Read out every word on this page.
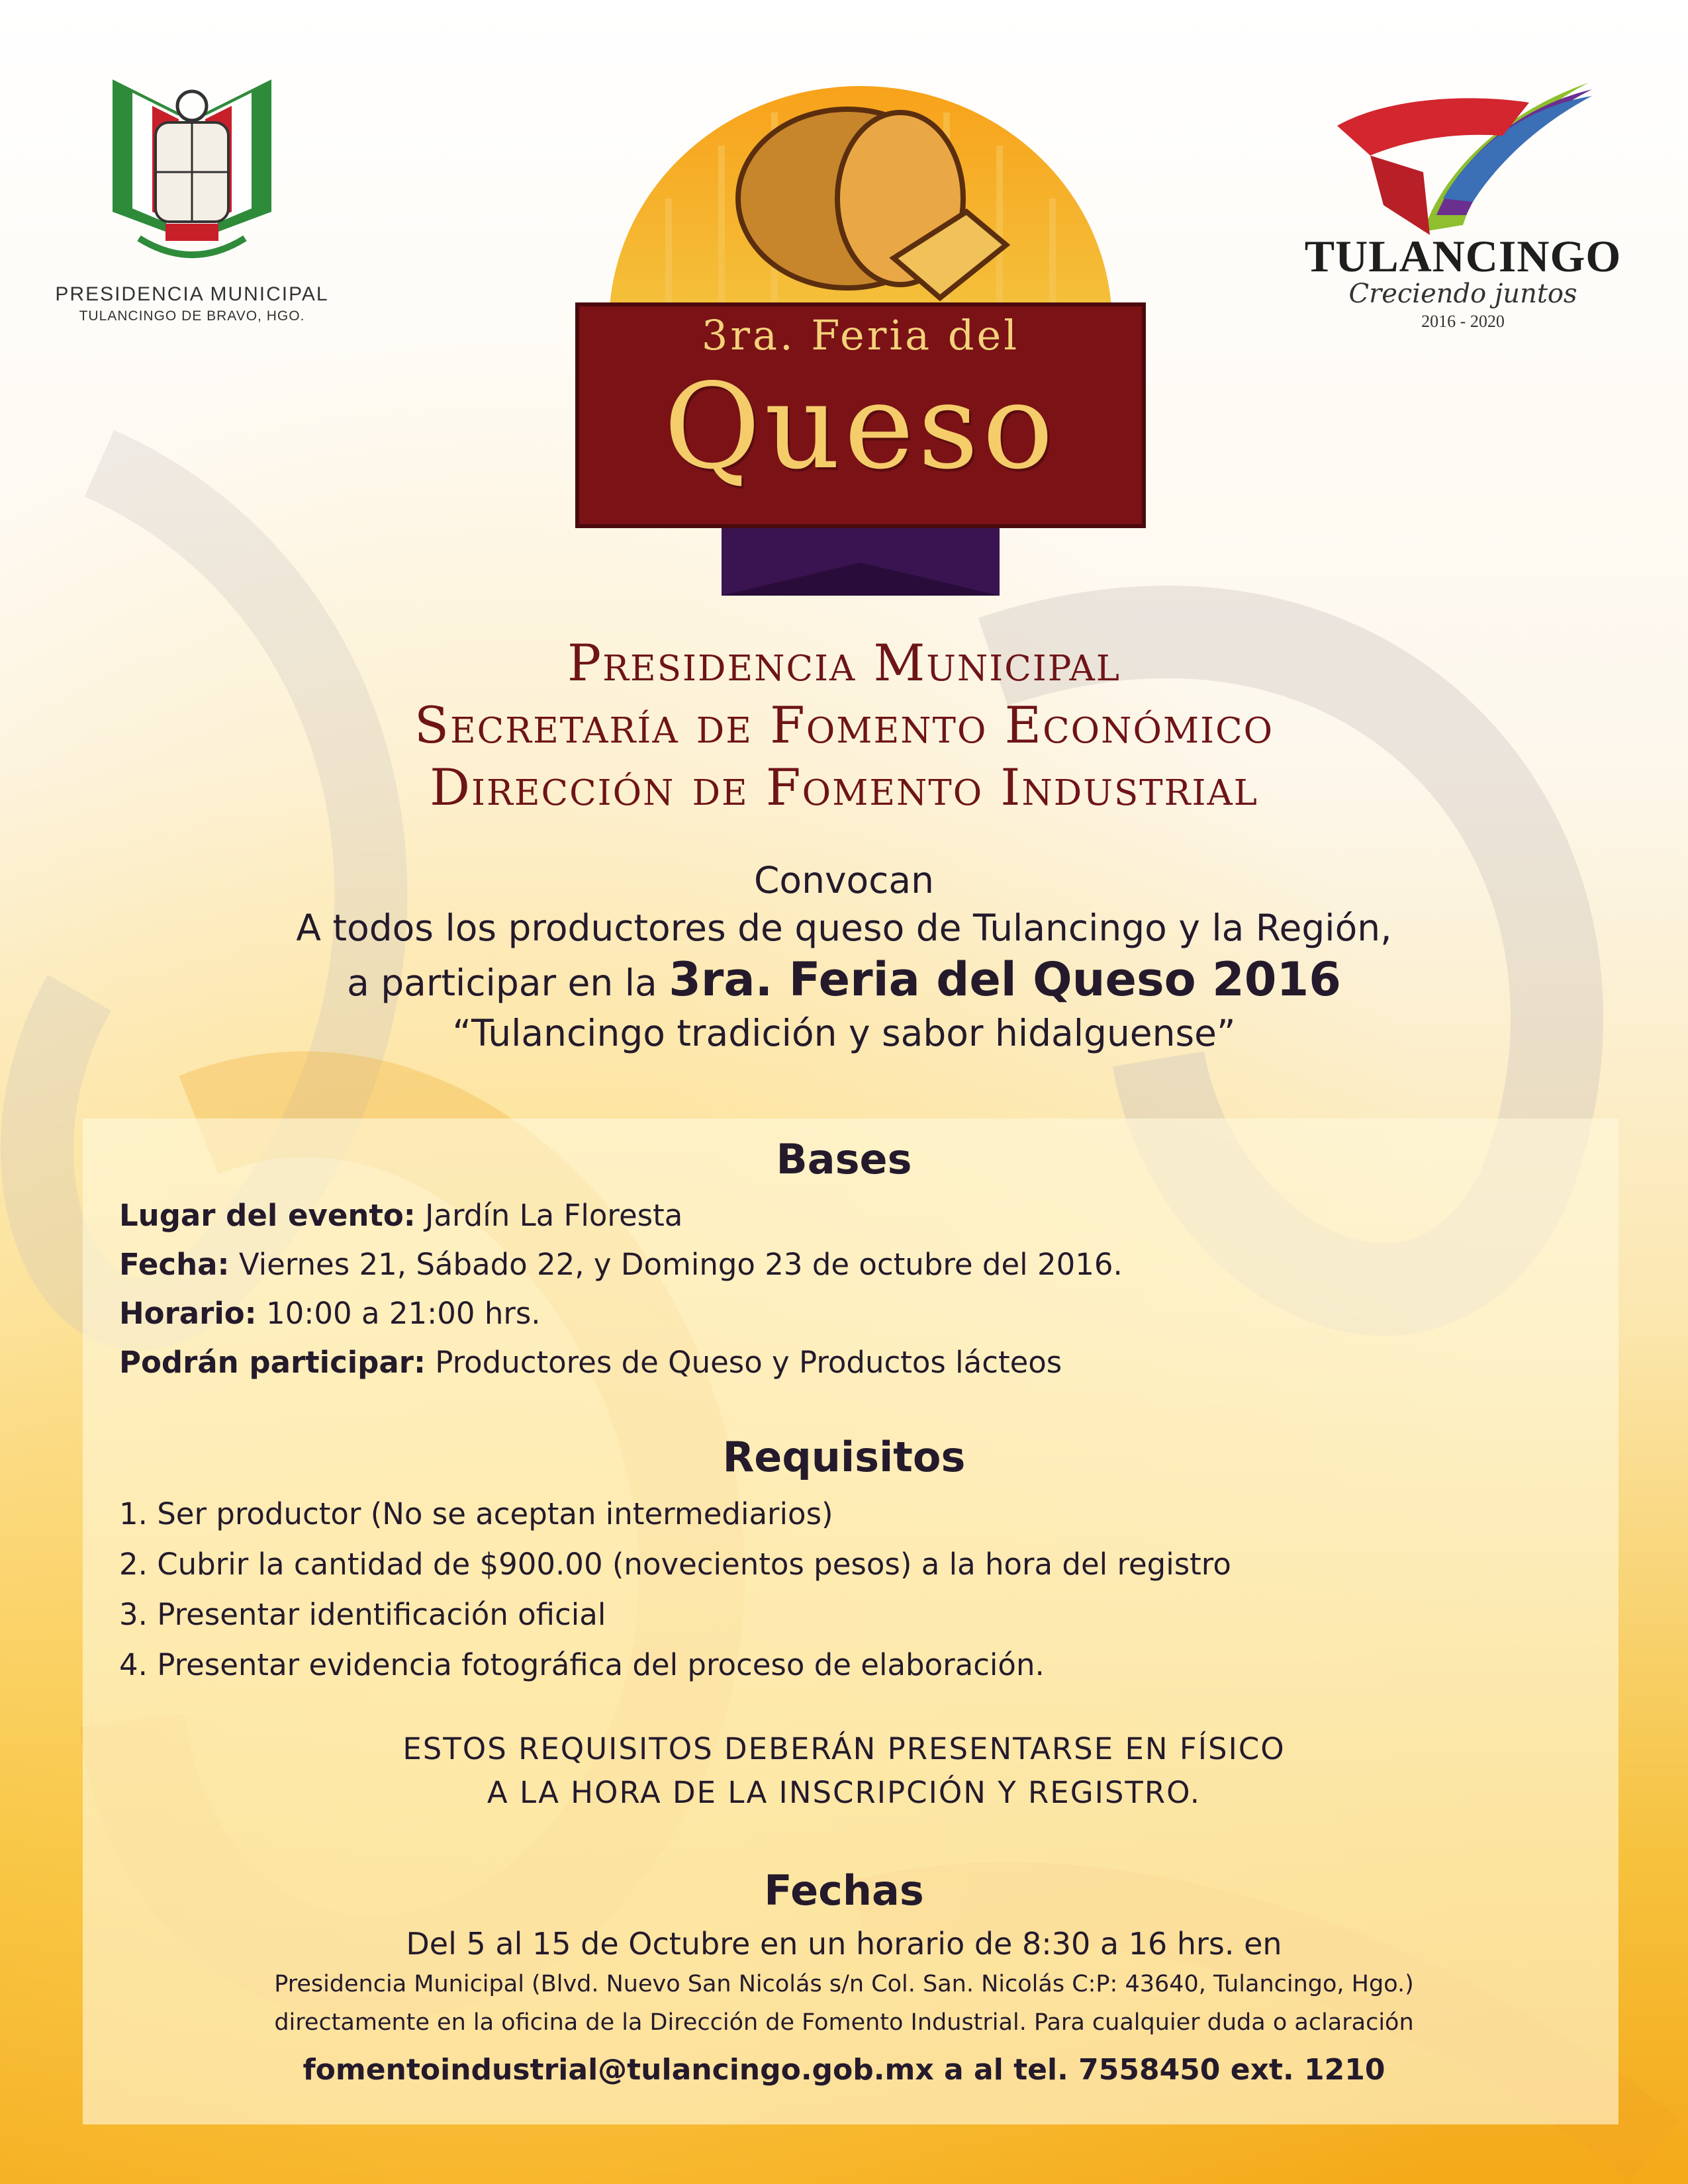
PRESIDENCIA MUNICIPAL
TULANCINGO DE BRAVO, HGO.
TULANCINGO
Creciendo juntos
2016 - 2020
3ra. Feria del
Queso
Presidencia Municipal
Secretaría de Fomento Económico
Dirección de Fomento Industrial
Convocan
A todos los productores de queso de Tulancingo y la Región,
a participar en la 3ra. Feria del Queso 2016
“Tulancingo tradición y sabor hidalguense”
Bases
Lugar del evento: Jardín La Floresta
Fecha: Viernes 21, Sábado 22, y Domingo 23 de octubre del 2016.
Horario: 10:00 a 21:00 hrs.
Podrán participar: Productores de Queso y Productos lácteos
Requisitos
1. Ser productor (No se aceptan intermediarios)
2. Cubrir la cantidad de $900.00 (novecientos pesos) a la hora del registro
3. Presentar identificación oficial
4. Presentar evidencia fotográfica del proceso de elaboración.
ESTOS REQUISITOS DEBERÁN PRESENTARSE EN FÍSICO
A LA HORA DE LA INSCRIPCIÓN Y REGISTRO.
Fechas
Del 5 al 15 de Octubre en un horario de 8:30 a 16 hrs. en
Presidencia Municipal (Blvd. Nuevo San Nicolás s/n Col. San. Nicolás C:P: 43640, Tulancingo, Hgo.)
directamente en la oficina de la Dirección de Fomento Industrial. Para cualquier duda o aclaración
fomentoindustrial@tulancingo.gob.mx a al tel. 7558450 ext. 1210
